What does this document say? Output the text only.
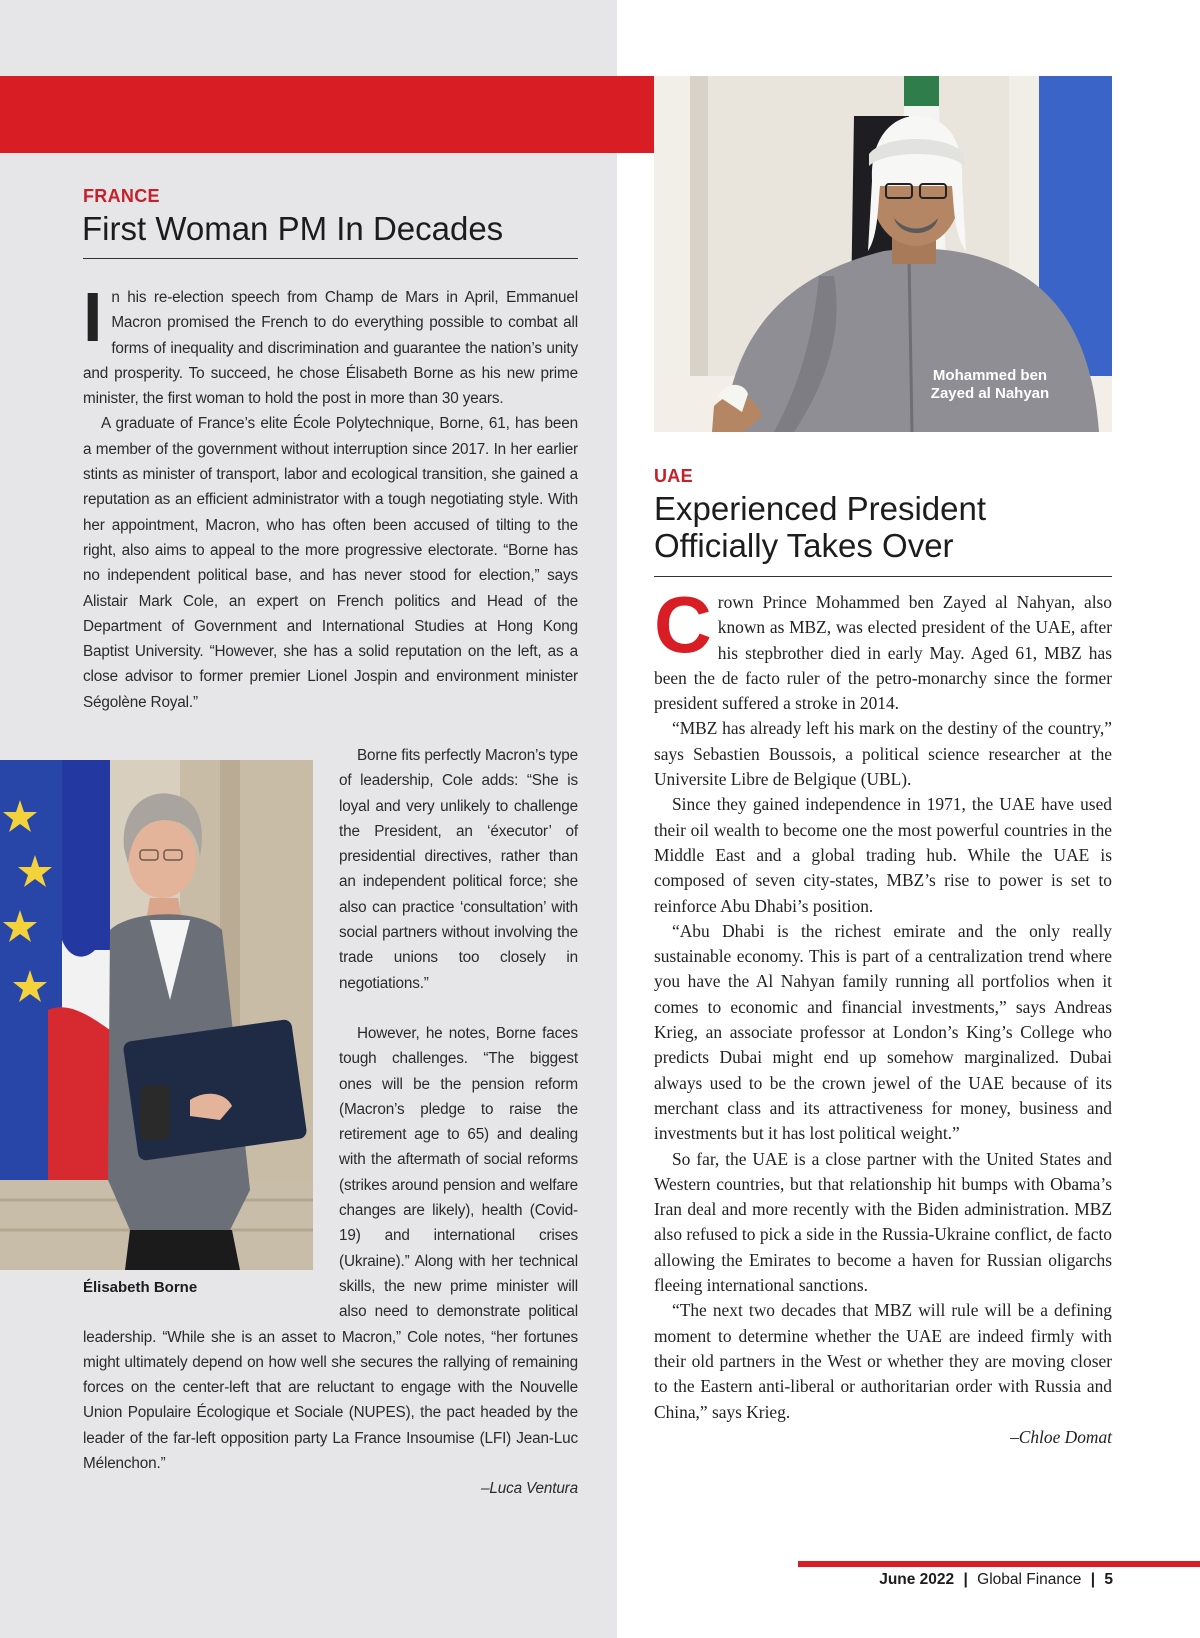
Mohammed ben
Zayed al Nahyan
FRANCE
First Woman PM In Decades

In his re-election speech from Champ de Mars in April, Emmanuel Macron promised the French to do everything possible to combat all forms of inequality and discrimination and guarantee the nation’s unity and prosperity. To succeed, he chose Élisabeth Borne as his new prime minister, the first woman to hold the post in more than 30 years.

A graduate of France’s elite École Polytechnique, Borne, 61, has been a member of the government without interruption since 2017. In her earlier stints as minister of transport, labor and ecological transition, she gained a reputation as an efficient administrator with a tough negotiating style. With her appointment, Macron, who has often been accused of tilting to the right, also aims to appeal to the more progressive electorate. “Borne has no independent political base, and has never stood for election,” says Alistair Mark Cole, an expert on French politics and Head of the Department of Government and International Studies at Hong Kong Baptist University. “However, she has a solid reputation on the left, as a close advisor to former premier Lionel Jospin and environment minister Ségolène Royal.”

Élisabeth Borne

Borne fits perfectly Macron’s type of leadership, Cole adds: “She is loyal and very unlikely to challenge the President, an ‘éxecutor’ of presidential directives, rather than an independent political force; she also can practice ‘consultation’ with social partners without involving the trade unions too closely in negotiations.”

However, he notes, Borne faces tough challenges. “The biggest ones will be the pension reform (Macron’s pledge to raise the retirement age to 65) and dealing with the aftermath of social reforms (strikes around pension and welfare changes are likely), health (Covid-19) and international crises (Ukraine).” Along with her technical skills, the new prime minister will also need to demonstrate political leadership. “While she is an asset to Macron,” Cole notes, “her fortunes might ultimately depend on how well she secures the rallying of remaining forces on the center-left that are reluctant to engage with the Nouvelle Union Populaire Écologique et Sociale (NUPES), the pact headed by the leader of the far-left opposition party La France Insoumise (LFI) Jean-Luc Mélenchon.”

–Luca Ventura
UAE
Experienced President
Officially Takes Over

Crown Prince Mohammed ben Zayed al Nahyan, also known as MBZ, was elected president of the UAE, after his stepbrother died in early May. Aged 61, MBZ has been the de facto ruler of the petro-monarchy since the former president suffered a stroke in 2014.

“MBZ has already left his mark on the destiny of the country,” says Sebastien Boussois, a political science researcher at the Universite Libre de Belgique (UBL).

Since they gained independence in 1971, the UAE have used their oil wealth to become one the most powerful countries in the Middle East and a global trading hub. While the UAE is composed of seven city-states, MBZ’s rise to power is set to reinforce Abu Dhabi’s position.

“Abu Dhabi is the richest emirate and the only really sustainable economy. This is part of a centralization trend where you have the Al Nahyan family running all portfolios when it comes to economic and financial investments,” says Andreas Krieg, an associate professor at London’s King’s College who predicts Dubai might end up somehow marginalized. Dubai always used to be the crown jewel of the UAE because of its merchant class and its attractiveness for money, business and investments but it has lost political weight.”

So far, the UAE is a close partner with the United States and Western countries, but that relationship hit bumps with Obama’s Iran deal and more recently with the Biden administration. MBZ also refused to pick a side in the Russia-Ukraine conflict, de facto allowing the Emirates to become a haven for Russian oligarchs fleeing international sanctions.

“The next two decades that MBZ will rule will be a defining moment to determine whether the UAE are indeed firmly with their old partners in the West or whether they are moving closer to the Eastern anti-liberal or authoritarian order with Russia and China,” says Krieg.

–Chloe Domat
June 2022 | Global Finance | 5
